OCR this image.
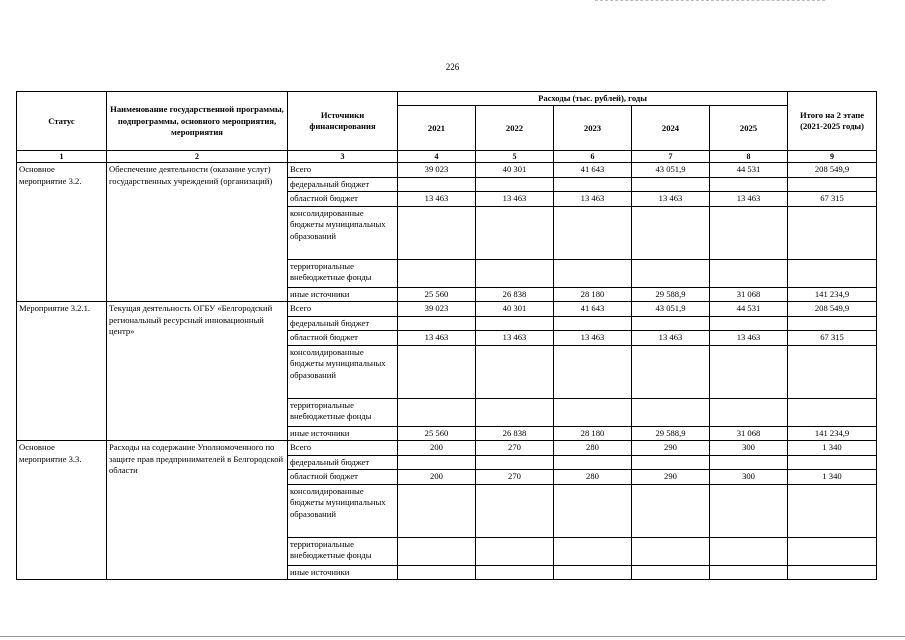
226
Статус	Наименование государственной программы, подпрограммы, основного мероприятия, мероприятия	Источники финансирования	Расходы (тыс. рублей), годы					Итого на 2 этапе (2021-2025 годы)
			2021	2022	2023	2024	2025	
1	2	3	4	5	6	7	8	9
Основное мероприятие 3.2.	Обеспечение деятельности (оказание услуг) государственных учреждений (организаций)	Всего	39 023	40 301	41 643	43 051,9	44 531	208 549,9
		федеральный бюджет						
		областной бюджет	13 463	13 463	13 463	13 463	13 463	67 315
		консолидированные бюджеты муниципальных образований						
		территориальные внебюджетные фонды						
		иные источники	25 560	26 838	28 180	29 588,9	31 068	141 234,9
Мероприятие 3.2.1.	Текущая деятельность ОГБУ «Белгородский региональный ресурсный инновационный центр»	Всего	39 023	40 301	41 643	43 051,9	44 531	208 549,9
		федеральный бюджет						
		областной бюджет	13 463	13 463	13 463	13 463	13 463	67 315
		консолидированные бюджеты муниципальных образований						
		территориальные внебюджетные фонды						
		иные источники	25 560	26 838	28 180	29 588,9	31 068	141 234,9
Основное мероприятие 3.3.	Расходы на содержание Уполномоченного по защите прав предпринимателей в Белгородской области	Всего	200	270	280	290	300	1 340
		федеральный бюджет						
		областной бюджет	200	270	280	290	300	1 340
		консолидированные бюджеты муниципальных образований						
		территориальные внебюджетные фонды						
		иные источники						
